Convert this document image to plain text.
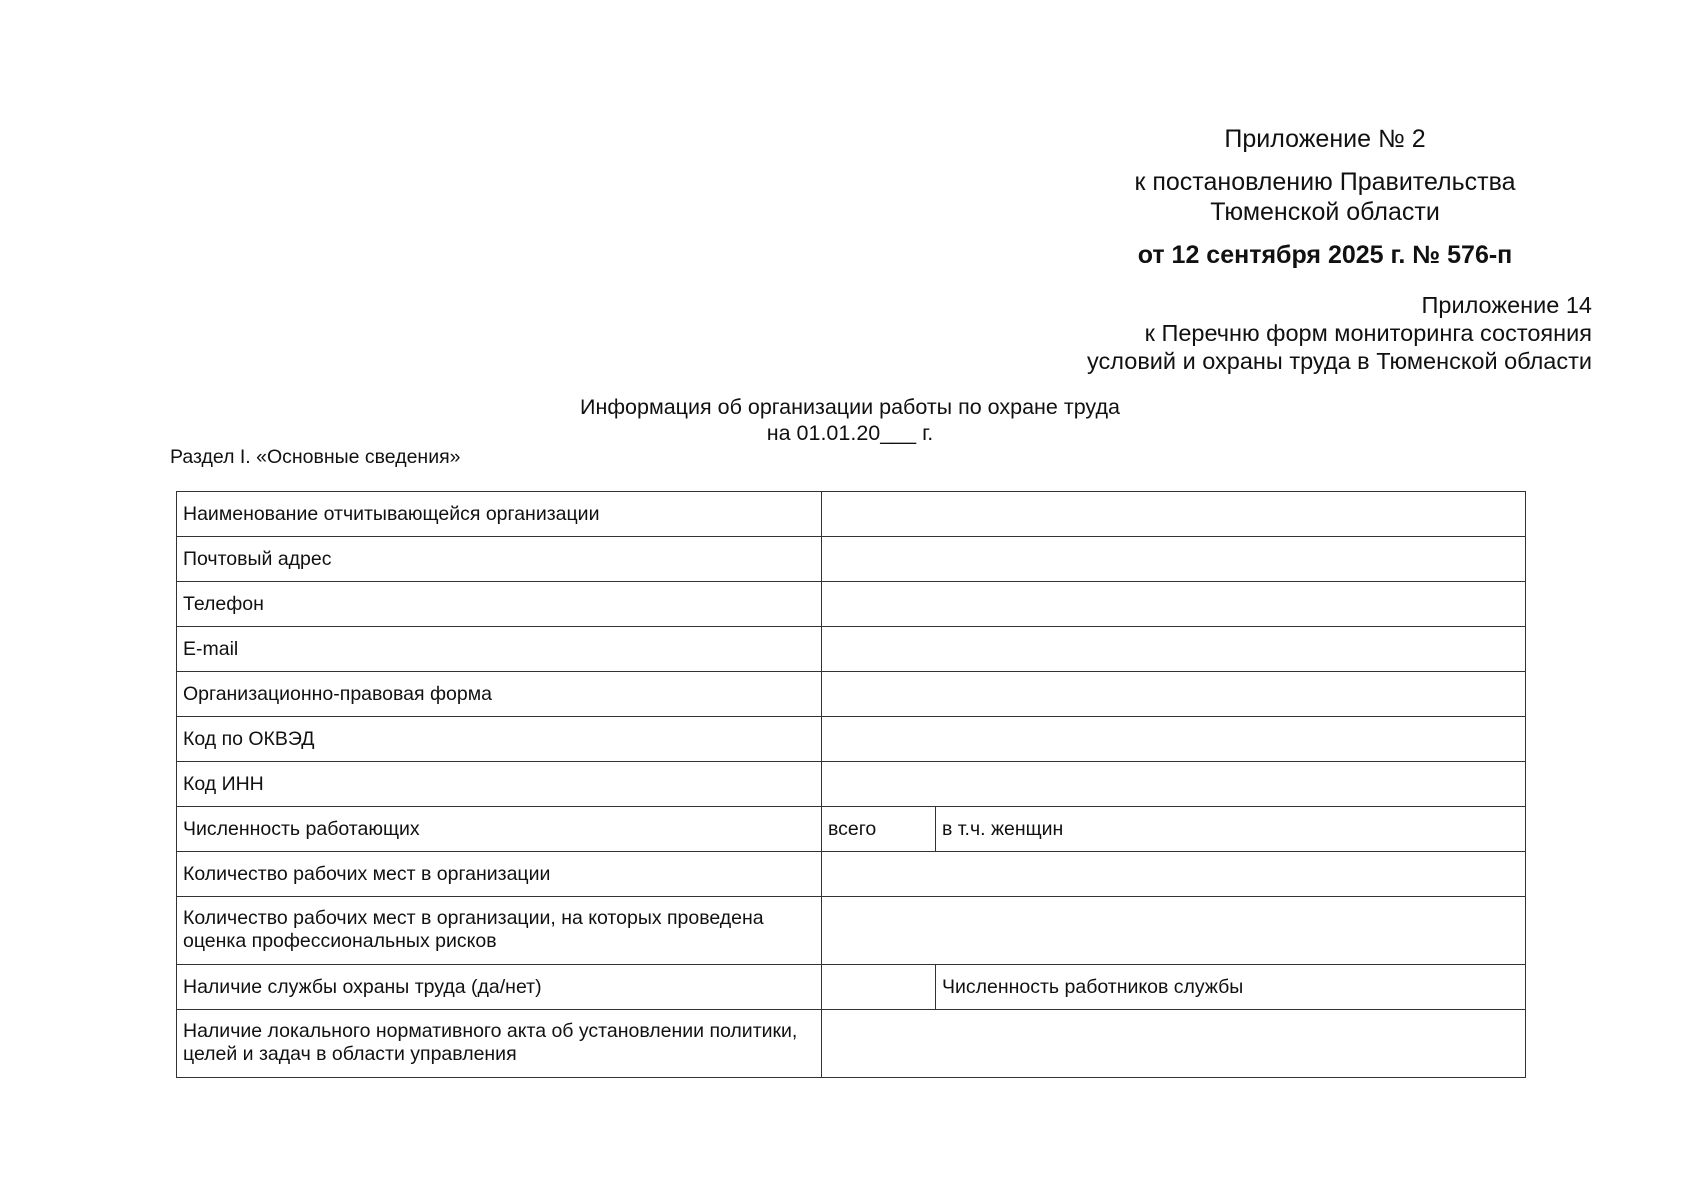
Приложение № 2
к постановлению Правительства
Тюменской области
от 12 сентября 2025 г. № 576-п
Приложение 14
к Перечню форм мониторинга состояния
условий и охраны труда в Тюменской области
Информация об организации работы по охране труда
на 01.01.20___ г.
Раздел I. «Основные сведения»
Наименование отчитывающейся организации		
Почтовый адрес		
Телефон		
E-mail		
Организационно-правовая форма		
Код по ОКВЭД		
Код ИНН		
Численность работающих	всего	в т.ч. женщин
Количество рабочих мест в организации		
Количество рабочих мест в организации, на которых проведена оценка профессиональных рисков		
Наличие службы охраны труда (да/нет)		Численность работников службы
Наличие локального нормативного акта об установлении политики, целей и задач в области управления		
